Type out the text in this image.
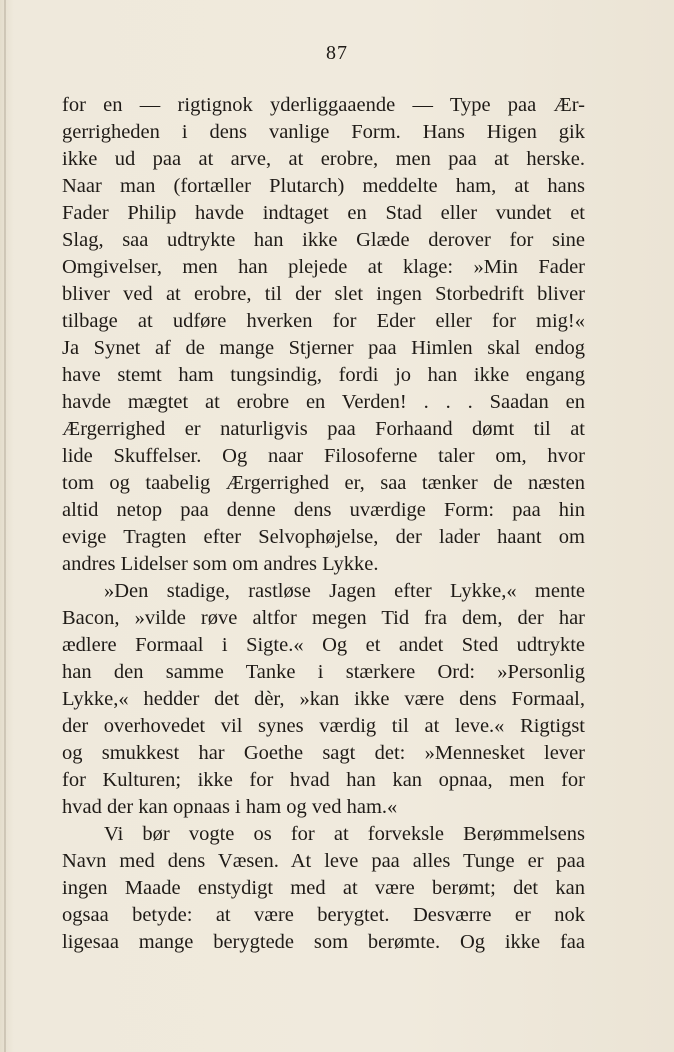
87
for en — rigtignok yderliggaaende — Type paa Ær-
gerrigheden i dens vanlige Form. Hans Higen gik
ikke ud paa at arve, at erobre, men paa at herske.
Naar man (fortæller Plutarch) meddelte ham, at hans
Fader Philip havde indtaget en Stad eller vundet et
Slag, saa udtrykte han ikke Glæde derover for sine
Omgivelser, men han plejede at klage: »Min Fader
bliver ved at erobre, til der slet ingen Storbedrift bliver
tilbage at udføre hverken for Eder eller for mig!«
Ja Synet af de mange Stjerner paa Himlen skal endog
have stemt ham tungsindig, fordi jo han ikke engang
havde mægtet at erobre en Verden! . . . Saadan en
Ærgerrighed er naturligvis paa Forhaand dømt til at
lide Skuffelser. Og naar Filosoferne taler om, hvor
tom og taabelig Ærgerrighed er, saa tænker de næsten
altid netop paa denne dens uværdige Form: paa hin
evige Tragten efter Selvophøjelse, der lader haant om
andres Lidelser som om andres Lykke.
»Den stadige, rastløse Jagen efter Lykke,« mente
Bacon, »vilde røve altfor megen Tid fra dem, der har
ædlere Formaal i Sigte.« Og et andet Sted udtrykte
han den samme Tanke i stærkere Ord: »Personlig
Lykke,« hedder det dèr, »kan ikke være dens Formaal,
der overhovedet vil synes værdig til at leve.« Rigtigst
og smukkest har Goethe sagt det: »Mennesket lever
for Kulturen; ikke for hvad han kan opnaa, men for
hvad der kan opnaas i ham og ved ham.«
Vi bør vogte os for at forveksle Berømmelsens
Navn med dens Væsen. At leve paa alles Tunge er paa
ingen Maade enstydigt med at være berømt; det kan
ogsaa betyde: at være berygtet. Desværre er nok
ligesaa mange berygtede som berømte. Og ikke faa
